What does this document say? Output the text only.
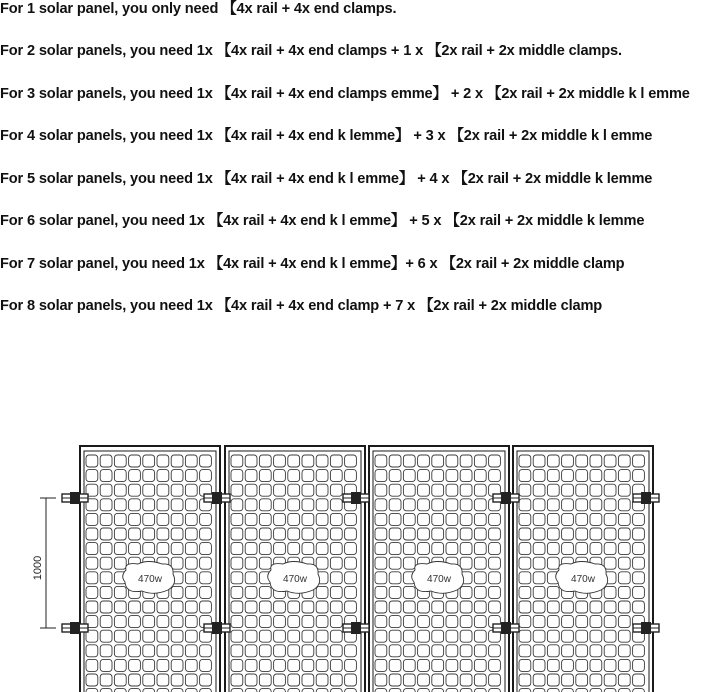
For 1 solar panel, you only need 【4x rail + 4x end clamps.
For 2 solar panels, you need 1x 【4x rail + 4x end clamps + 1 x 【2x rail + 2x middle clamps.
For 3 solar panels, you need 1x 【4x rail + 4x end clamps emme】 + 2 x 【2x rail + 2x middle k l emme
For 4 solar panels, you need 1x 【4x rail + 4x end k lemme】 + 3 x 【2x rail + 2x middle k l emme
For 5 solar panels, you need 1x 【4x rail + 4x end k l emme】 + 4 x 【2x rail + 2x middle k lemme
For 6 solar panel, you need 1x 【4x rail + 4x end k l emme】 + 5 x 【2x rail + 2x middle k lemme
For 7 solar panel, you need 1x 【4x rail + 4x end k l emme】+ 6 x 【2x rail + 2x middle clamp
For 8 solar panels, you need 1x 【4x rail + 4x end clamp + 7 x 【2x rail + 2x middle clamp
470w	470w	470w	470w
1000
